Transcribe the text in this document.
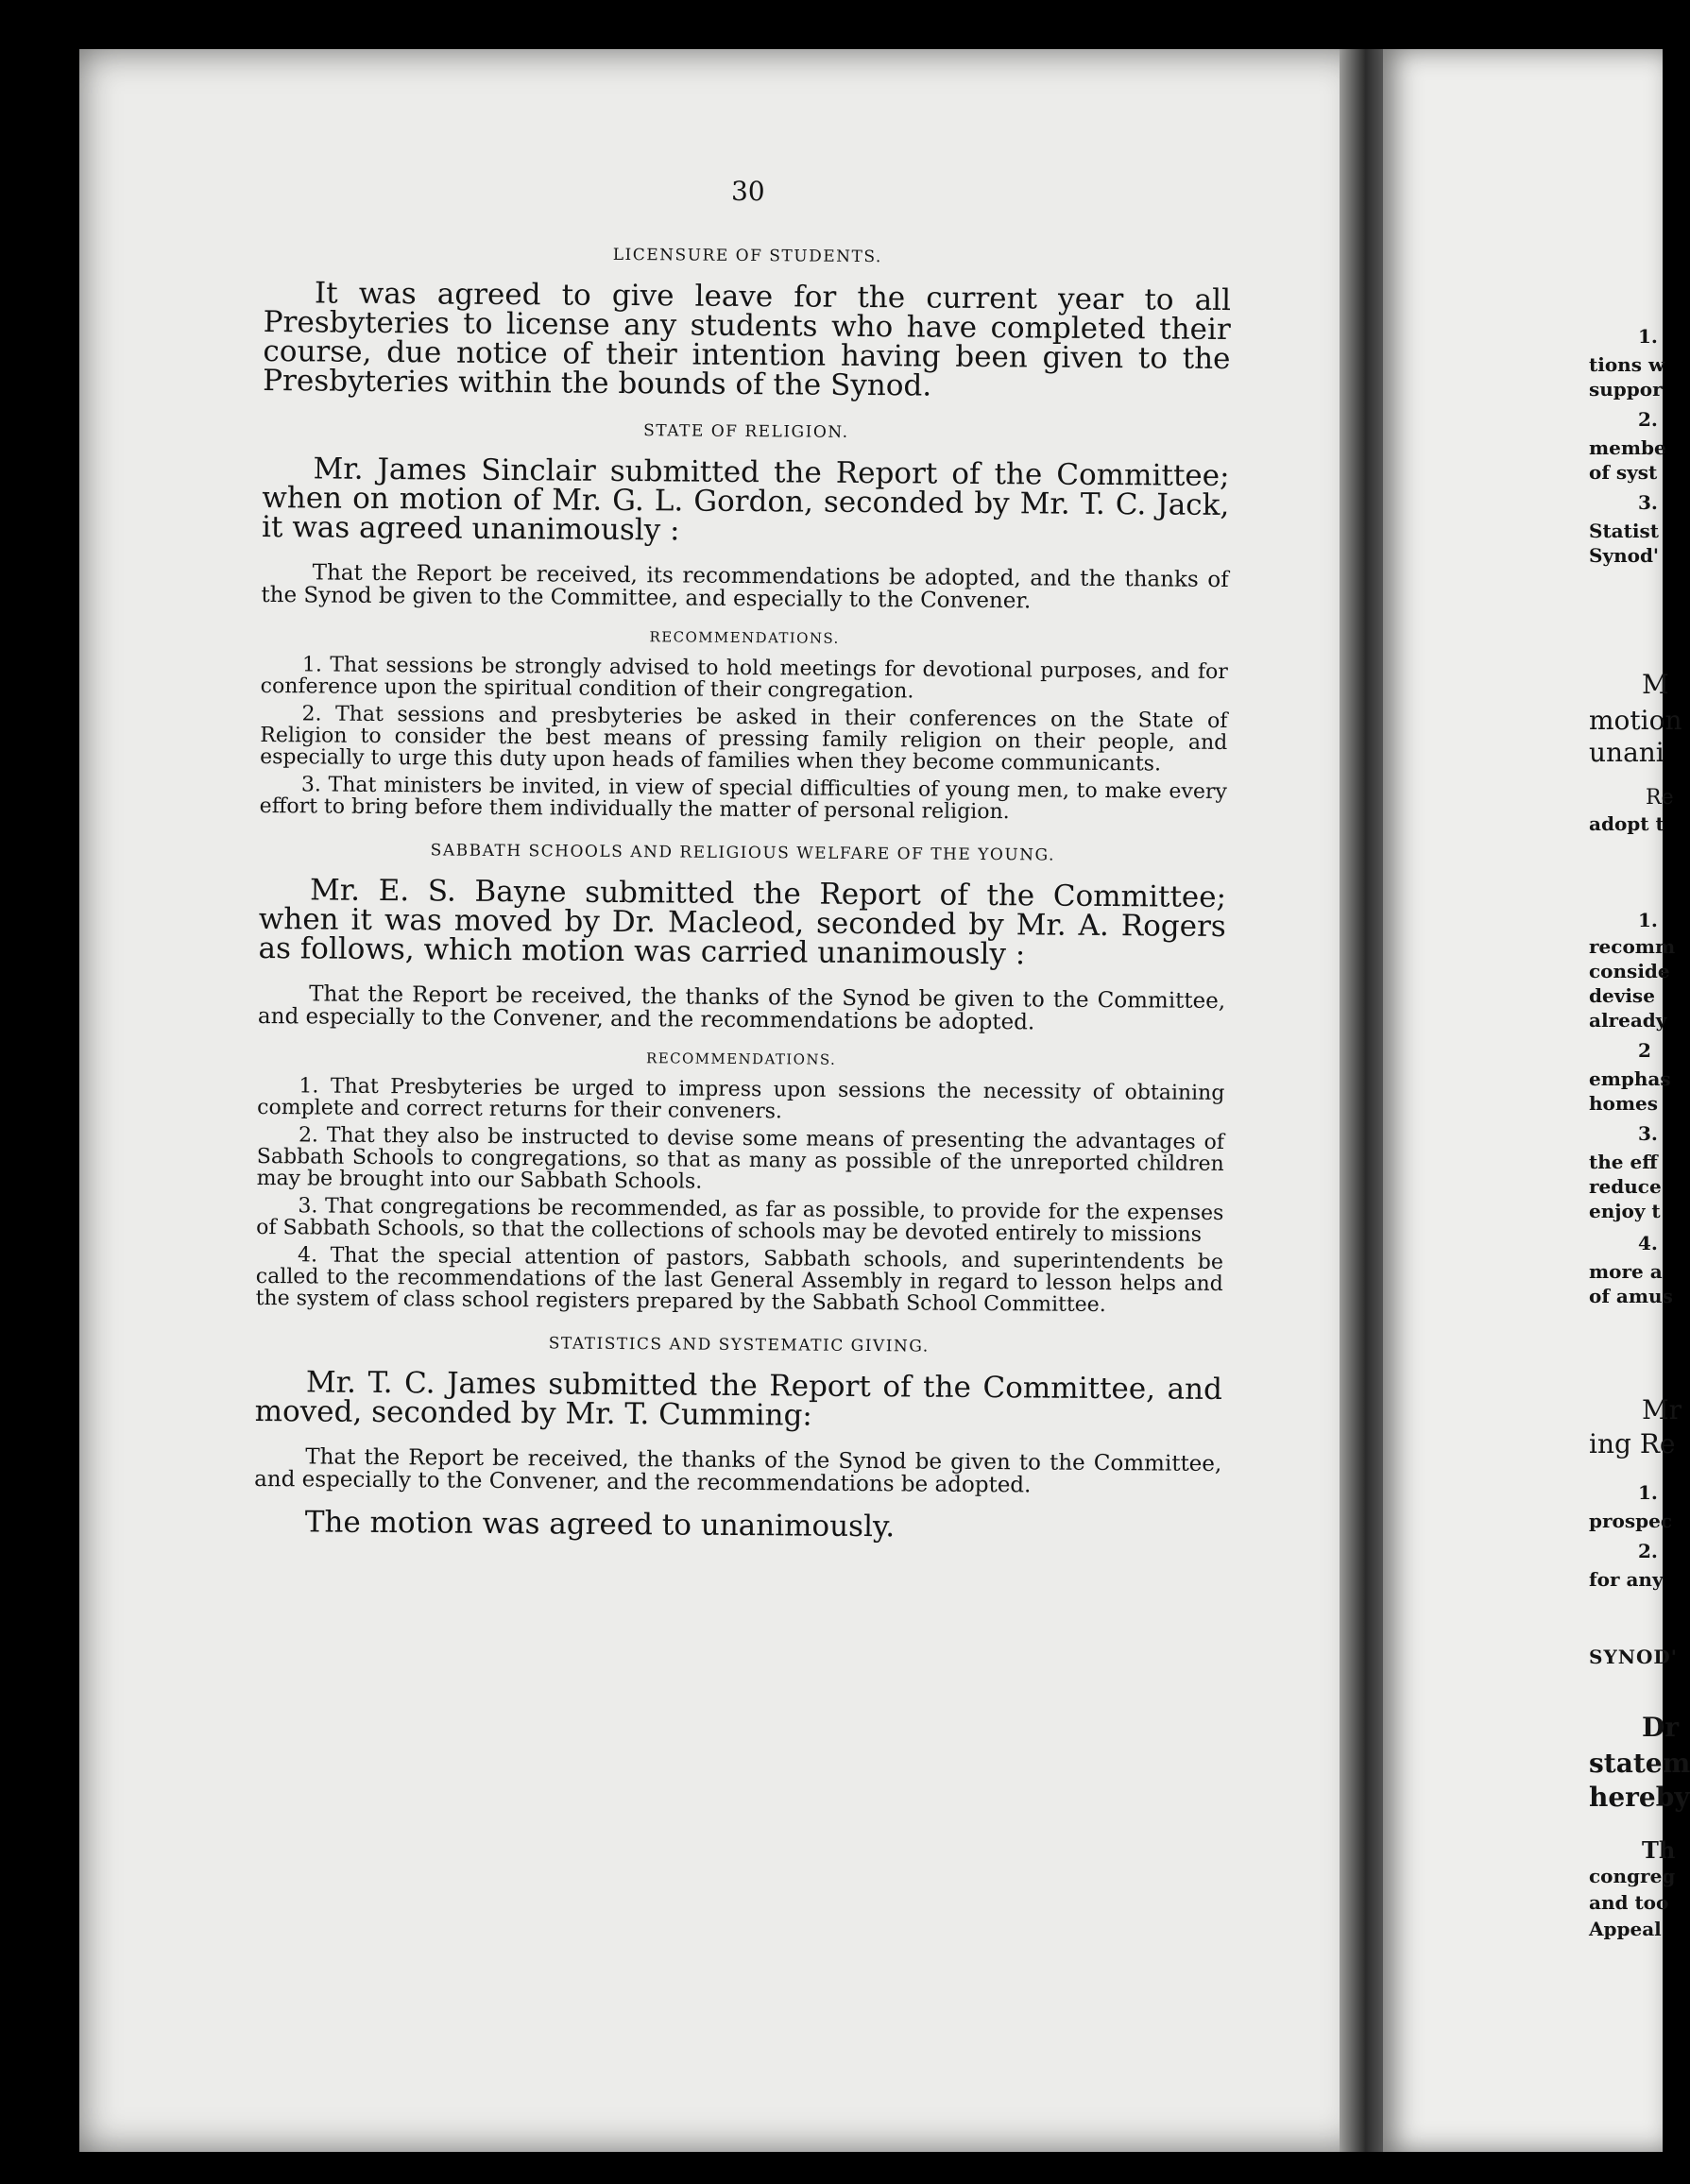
30
LICENSURE OF STUDENTS.

It was agreed to give leave for the current year to all Presbyteries to license any students who have completed their course, due notice of their intention having been given to the Presbyteries within the bounds of the Synod.

STATE OF RELIGION.

Mr. James Sinclair submitted the Report of the Committee; when on motion of Mr. G. L. Gordon, seconded by Mr. T. C. Jack, it was agreed unanimously :

That the Report be received, its recommendations be adopted, and the thanks of the Synod be given to the Committee, and especially to the Convener.

RECOMMENDATIONS.

1. That sessions be strongly advised to hold meetings for devotional purposes, and for conference upon the spiritual condition of their congregation.

2. That sessions and presbyteries be asked in their conferences on the State of Religion to consider the best means of pressing family religion on their people, and especially to urge this duty upon heads of families when they become communicants.

3. That ministers be invited, in view of special difficulties of young men, to make every effort to bring before them individually the matter of personal religion.

SABBATH SCHOOLS AND RELIGIOUS WELFARE OF THE YOUNG.

Mr. E. S. Bayne submitted the Report of the Committee; when it was moved by Dr. Macleod, seconded by Mr. A. Rogers as follows, which motion was carried unanimously :

That the Report be received, the thanks of the Synod be given to the Committee, and especially to the Convener, and the recommendations be adopted.

RECOMMENDATIONS.

1. That Presbyteries be urged to impress upon sessions the necessity of obtaining complete and correct returns for their conveners.

2. That they also be instructed to devise some means of presenting the advantages of Sabbath Schools to congregations, so that as many as possible of the unreported children may be brought into our Sabbath Schools.

3. That congregations be recommended, as far as possible, to provide for the expenses of Sabbath Schools, so that the collections of schools may be devoted entirely to missions

4. That the special attention of pastors, Sabbath schools, and superintendents be called to the recommendations of the last General Assembly in regard to lesson helps and the system of class school registers prepared by the Sabbath School Committee.

STATISTICS AND SYSTEMATIC GIVING.

Mr. T. C. James submitted the Report of the Committee, and moved, seconded by Mr. T. Cumming:

That the Report be received, the thanks of the Synod be given to the Committee, and especially to the Convener, and the recommendations be adopted.

The motion was agreed to unanimously.

1.
tions w
suppor
2.
membe
of syst
3.
Statist
Synod'
M
motion
unani
Re
adopt t
1.
recomm
conside
devise
already
2
emphas
homes
3.
the eff
reduce
enjoy t
4.
more a
of amus
Mr
ing Re
1.
prospec
2.
for any
SYNOD'
Dr
statem
hereby
Th
congreg
and too
Appeal
